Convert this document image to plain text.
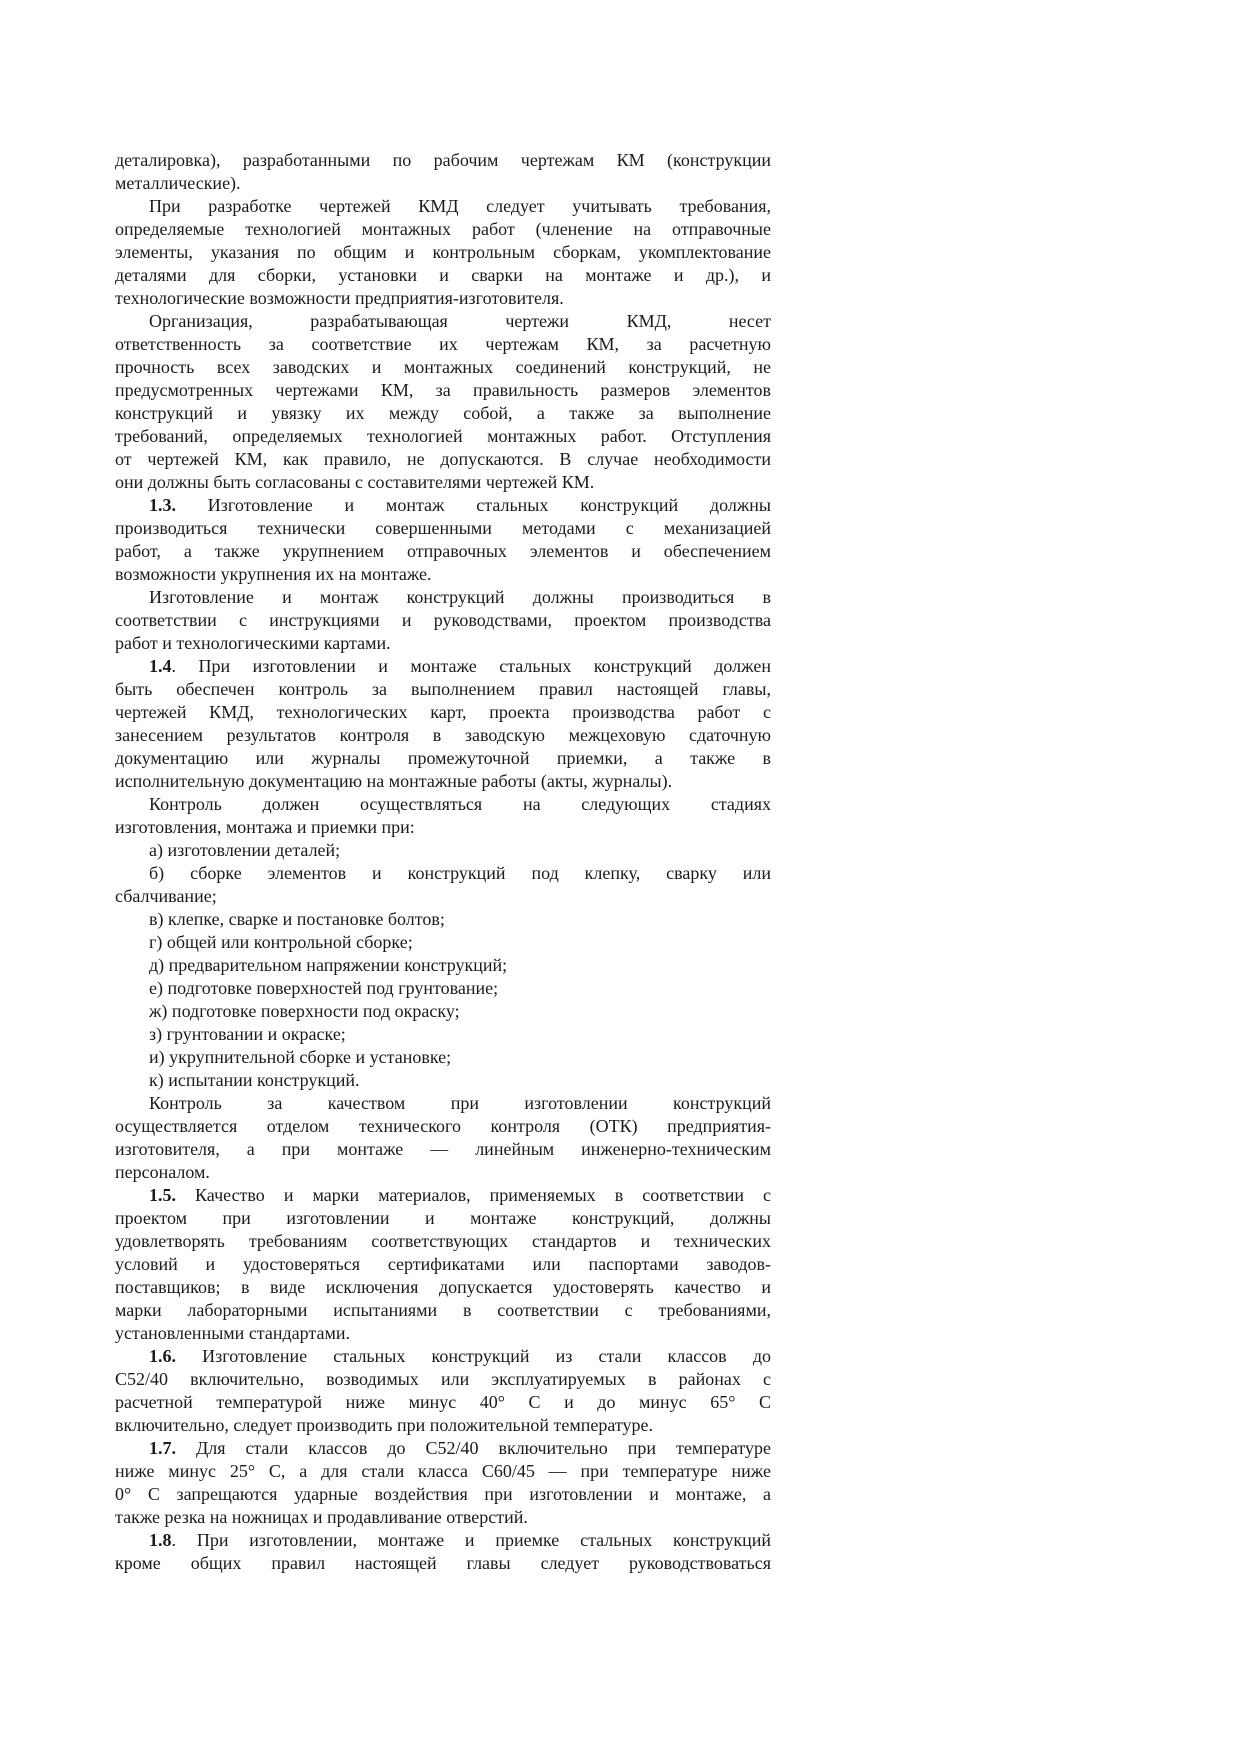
деталировка), разработанными по рабочим чертежам КМ (конструкции
металлические).
При разработке чертежей КМД следует учитывать требования,
определяемые технологией монтажных работ (членение на отправочные
элементы, указания по общим и контрольным сборкам, укомплектование
деталями для сборки, установки и сварки на монтаже и др.), и
технологические возможности предприятия-изготовителя.
Организация, разрабатывающая чертежи КМД, несет
ответственность за соответствие их чертежам КМ, за расчетную
прочность всех заводских и монтажных соединений конструкций, не
предусмотренных чертежами КМ, за правильность размеров элементов
конструкций и увязку их между собой, а также за выполнение
требований, определяемых технологией монтажных работ. Отступления
от чертежей КМ, как правило, не допускаются. В случае необходимости
они должны быть согласованы с составителями чертежей КМ.
1.3. Изготовление и монтаж стальных конструкций должны
производиться технически совершенными методами с механизацией
работ, а также укрупнением отправочных элементов и обеспечением
возможности укрупнения их на монтаже.
Изготовление и монтаж конструкций должны производиться в
соответствии с инструкциями и руководствами, проектом производства
работ и технологическими картами.
1.4. При изготовлении и монтаже стальных конструкций должен
быть обеспечен контроль за выполнением правил настоящей главы,
чертежей КМД, технологических карт, проекта производства работ с
занесением результатов контроля в заводскую межцеховую сдаточную
документацию или журналы промежуточной приемки, а также в
исполнительную документацию на монтажные работы (акты, журналы).
Контроль должен осуществляться на следующих стадиях
изготовления, монтажа и приемки при:
а) изготовлении деталей;
б) сборке элементов и конструкций под клепку, сварку или
сбалчивание;
в) клепке, сварке и постановке болтов;
г) общей или контрольной сборке;
д) предварительном напряжении конструкций;
е) подготовке поверхностей под грунтование;
ж) подготовке поверхности под окраску;
з) грунтовании и окраске;
и) укрупнительной сборке и установке;
к) испытании конструкций.
Контроль за качеством при изготовлении конструкций
осуществляется отделом технического контроля (ОТК) предприятия-
изготовителя, а при монтаже — линейным инженерно-техническим
персоналом.
1.5. Качество и марки материалов, применяемых в соответствии с
проектом при изготовлении и монтаже конструкций, должны
удовлетворять требованиям соответствующих стандартов и технических
условий и удостоверяться сертификатами или паспортами заводов-
поставщиков; в виде исключения допускается удостоверять качество и
марки лабораторными испытаниями в соответствии с требованиями,
установленными стандартами.
1.6. Изготовление стальных конструкций из стали классов до
С52/40 включительно, возводимых или эксплуатируемых в районах с
расчетной температурой ниже минус 40° С и до минус 65° С
включительно, следует производить при положительной температуре.
1.7. Для стали классов до С52/40 включительно при температуре
ниже минус 25° С, а для стали класса С60/45 — при температуре ниже
0° С запрещаются ударные воздействия при изготовлении и монтаже, а
также резка на ножницах и продавливание отверстий.
1.8. При изготовлении, монтаже и приемке стальных конструкций
кроме общих правил настоящей главы следует руководствоваться
